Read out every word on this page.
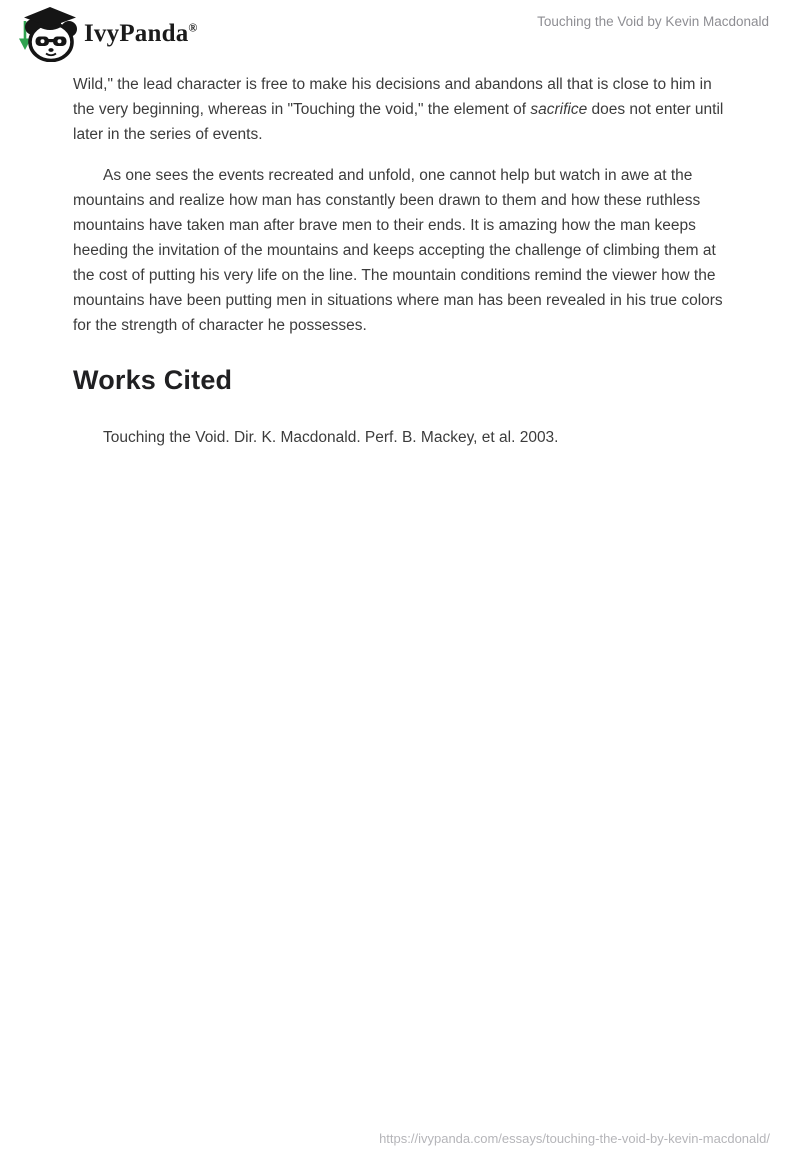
IvyPanda®	Touching the Void by Kevin Macdonald

Wild," the lead character is free to make his decisions and abandons all that is close to him in the very beginning, whereas in "Touching the void," the element of sacrifice does not enter until later in the series of events.

As one sees the events recreated and unfold, one cannot help but watch in awe at the mountains and realize how man has constantly been drawn to them and how these ruthless mountains have taken man after brave men to their ends. It is amazing how the man keeps heeding the invitation of the mountains and keeps accepting the challenge of climbing them at the cost of putting his very life on the line. The mountain conditions remind the viewer how the mountains have been putting men in situations where man has been revealed in his true colors for the strength of character he possesses.

Works Cited

Touching the Void. Dir. K. Macdonald. Perf. B. Mackey, et al. 2003.

https://ivypanda.com/essays/touching-the-void-by-kevin-macdonald/
